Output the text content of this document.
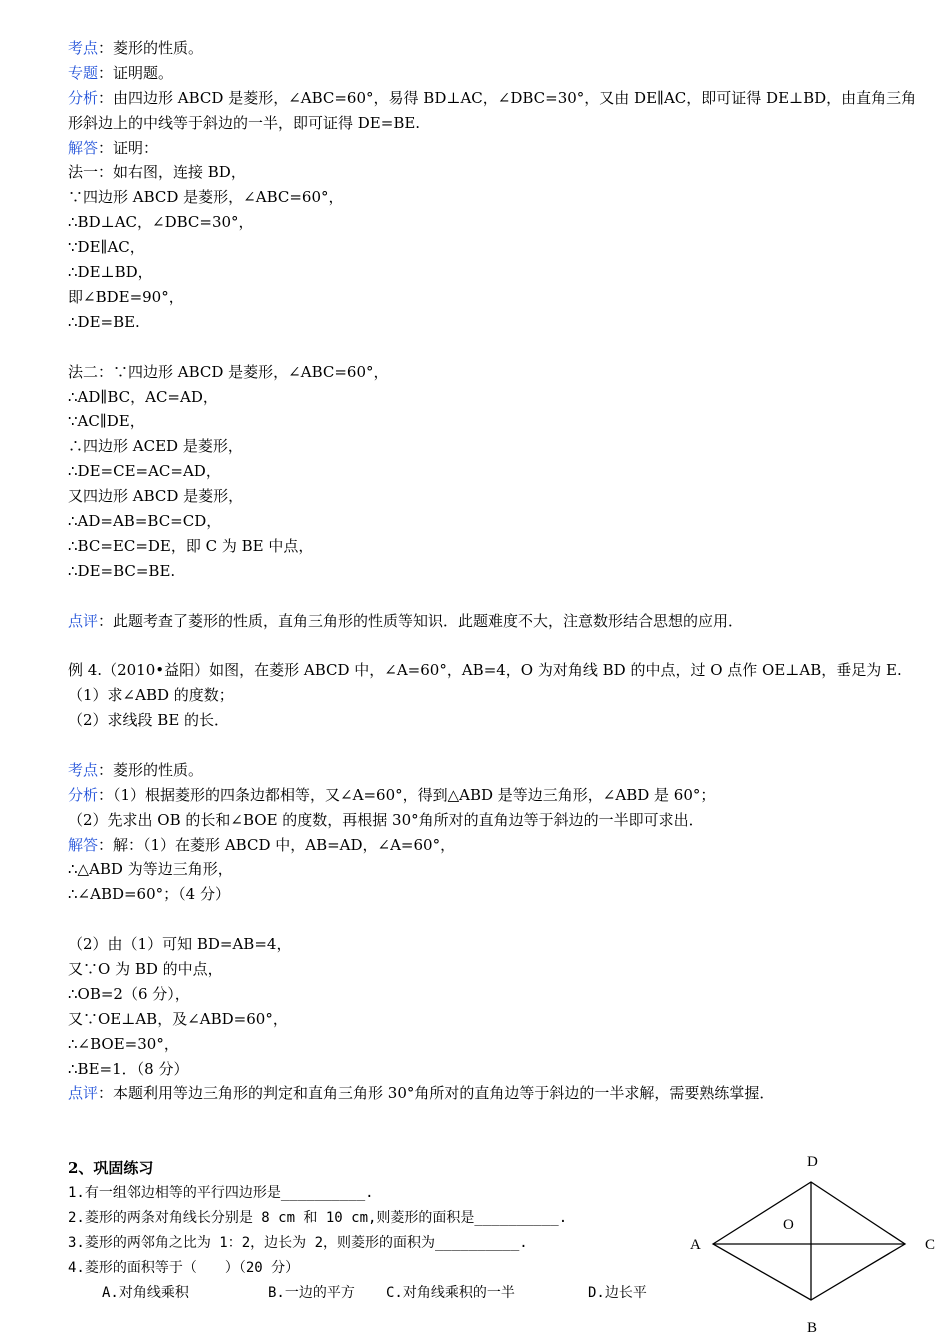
考点：菱形的性质。
专题：证明题。
分析：由四边形 ABCD 是菱形，∠ABC=60°，易得 BD⊥AC，∠DBC=30°，又由 DE∥AC，即可证得 DE⊥BD，由直角三角形斜边上的中线等于斜边的一半，即可证得 DE=BE.
解答：证明：
法一：如右图，连接 BD，
∵四边形 ABCD 是菱形，∠ABC=60°，
∴BD⊥AC，∠DBC=30°，
∵DE∥AC，
∴DE⊥BD，
即∠BDE=90°，
∴DE=BE.
法二：∵四边形 ABCD 是菱形，∠ABC=60°，
∴AD∥BC，AC=AD，
∵AC∥DE，
∴四边形 ACED 是菱形，
∴DE=CE=AC=AD，
又四边形 ABCD 是菱形，
∴AD=AB=BC=CD，
∴BC=EC=DE，即 C 为 BE 中点，
∴DE=BC=BE.
点评：此题考查了菱形的性质，直角三角形的性质等知识．此题难度不大，注意数形结合思想的应用．
例 4.（2010•益阳）如图，在菱形 ABCD 中，∠A=60°，AB=4，O 为对角线 BD 的中点，过 O 点作 OE⊥AB，垂足为 E.
（1）求∠ABD 的度数；
（2）求线段 BE 的长．
考点：菱形的性质。
分析：（1）根据菱形的四条边都相等，又∠A=60°，得到△ABD 是等边三角形，∠ABD 是 60°；
（2）先求出 OB 的长和∠BOE 的度数，再根据 30°角所对的直角边等于斜边的一半即可求出．
解答：解：（1）在菱形 ABCD 中，AB=AD，∠A=60°，
∴△ABD 为等边三角形，
∴∠ABD=60°；（4 分）
（2）由（1）可知 BD=AB=4，
又∵O 为 BD 的中点，
∴OB=2（6 分），
又∵OE⊥AB，及∠ABD=60°，
∴∠BOE=30°，
∴BE=1．（8 分）
点评：本题利用等边三角形的判定和直角三角形 30°角所对的直角边等于斜边的一半求解，需要熟练掌握．
2、巩固练习
1.有一组邻边相等的平行四边形是__________.
2.菱形的两条对角线长分别是 8 cm 和 10 cm,则菱形的面积是__________.
3.菱形的两邻角之比为 1：2，边长为 2，则菱形的面积为__________.
4.菱形的面积等于（　　）（20 分）
A.对角线乘积	B.一边的平方 C.对角线乘积的一半	D.边长平
D
A	C
B
O
